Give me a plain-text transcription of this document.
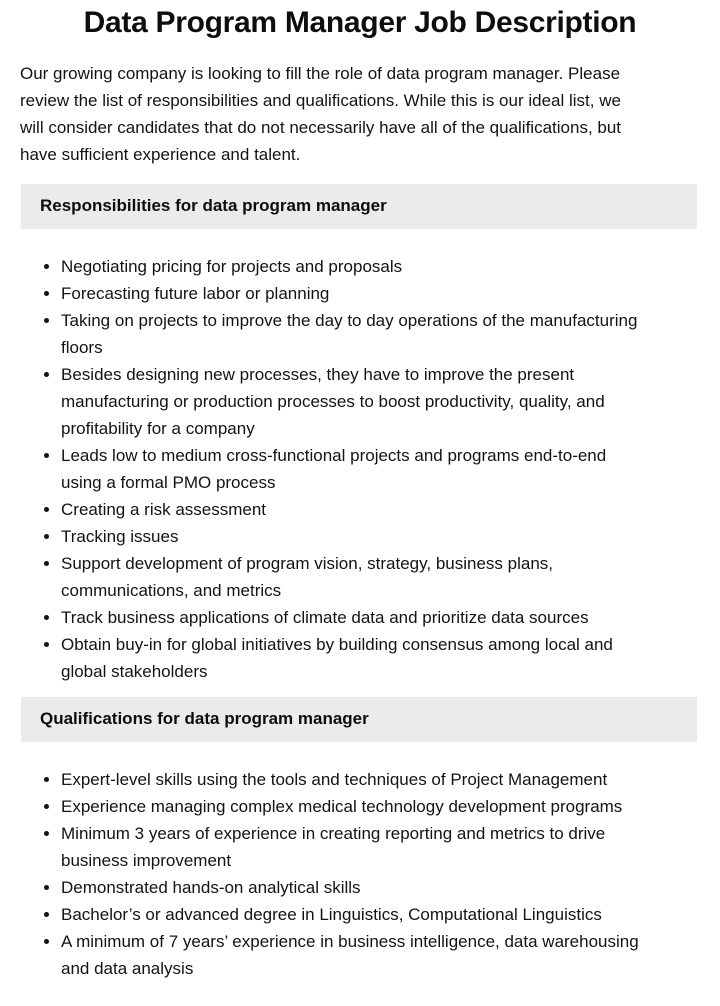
Data Program Manager Job Description

Our growing company is looking to fill the role of data program manager. Please review the list of responsibilities and qualifications. While this is our ideal list, we will consider candidates that do not necessarily have all of the qualifications, but have sufficient experience and talent.

Responsibilities for data program manager
• Negotiating pricing for projects and proposals
• Forecasting future labor or planning
• Taking on projects to improve the day to day operations of the manufacturing floors
• Besides designing new processes, they have to improve the present manufacturing or production processes to boost productivity, quality, and profitability for a company
• Leads low to medium cross-functional projects and programs end-to-end using a formal PMO process
• Creating a risk assessment
• Tracking issues
• Support development of program vision, strategy, business plans, communications, and metrics
• Track business applications of climate data and prioritize data sources
• Obtain buy-in for global initiatives by building consensus among local and global stakeholders
Qualifications for data program manager
• Expert-level skills using the tools and techniques of Project Management
• Experience managing complex medical technology development programs
• Minimum 3 years of experience in creating reporting and metrics to drive business improvement
• Demonstrated hands-on analytical skills
• Bachelor’s or advanced degree in Linguistics, Computational Linguistics
• A minimum of 7 years’ experience in business intelligence, data warehousing and data analysis
